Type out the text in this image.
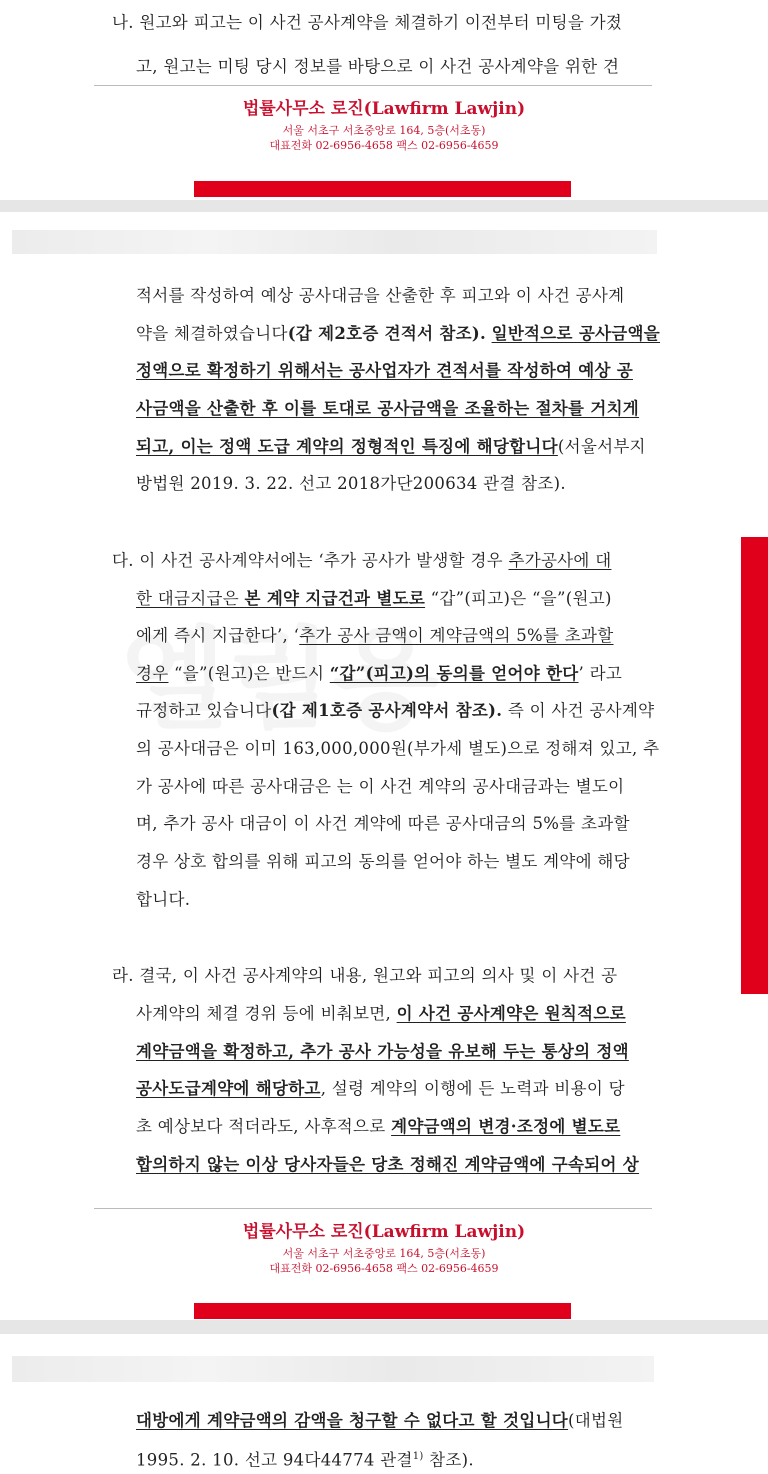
나. 원고와 피고는 이 사건 공사계약을 체결하기 이전부터 미팅을 가졌
고, 원고는 미팅 당시 정보를 바탕으로 이 사건 공사계약을 위한 견
법률사무소 로진(Lawfirm Lawjin)
서울 서초구 서초중앙로 164, 5층(서초동)
대표전화 02-6956-4658 팩스 02-6956-4659
적서를 작성하여 예상 공사대금을 산출한 후 피고와 이 사건 공사계
약을 체결하였습니다(갑 제2호증 견적서 참조). 일반적으로 공사금액을
정액으로 확정하기 위해서는 공사업자가 견적서를 작성하여 예상 공
사금액을 산출한 후 이를 토대로 공사금액을 조율하는 절차를 거치게
되고, 이는 정액 도급 계약의 정형적인 특징에 해당합니다(서울서부지
방법원 2019. 3. 22. 선고 2018가단200634 관결 참조).
다. 이 사건 공사계약서에는 ‘추가 공사가 발생할 경우 추가공사에 대
한 대금지급은 본 계약 지급건과 별도로 “갑”(피고)은 “을”(원고)
에게 즉시 지급한다’, ‘추가 공사 금액이 계약금액의 5%를 초과할
경우 “을”(원고)은 반드시 “갑”(피고)의 동의를 얻어야 한다’ 라고
규정하고 있습니다(갑 제1호증 공사계약서 참조). 즉 이 사건 공사계약
의 공사대금은 이미 163,000,000원(부가세 별도)으로 정해져 있고, 추
가 공사에 따른 공사대금은 는 이 사건 계약의 공사대금과는 별도이
며, 추가 공사 대금이 이 사건 계약에 따른 공사대금의 5%를 초과할
경우 상호 합의를 위해 피고의 동의를 얻어야 하는 별도 계약에 해당
합니다.
라. 결국, 이 사건 공사계약의 내용, 원고와 피고의 의사 및 이 사건 공
사계약의 체결 경위 등에 비춰보면, 이 사건 공사계약은 원칙적으로
계약금액을 확정하고, 추가 공사 가능성을 유보해 두는 통상의 정액
공사도급계약에 해당하고, 설령 계약의 이행에 든 노력과 비용이 당
초 예상보다 적더라도, 사후적으로 계약금액의 변경·조정에 별도로
합의하지 않는 이상 당사자들은 당초 정해진 계약금액에 구속되어 상
법률사무소 로진(Lawfirm Lawjin)
서울 서초구 서초중앙로 164, 5층(서초동)
대표전화 02-6956-4658 팩스 02-6956-4659
대방에게 계약금액의 감액을 청구할 수 없다고 할 것입니다(대법원
1995. 2. 10. 선고 94다44774 관결$^{1)}$ 참조).
